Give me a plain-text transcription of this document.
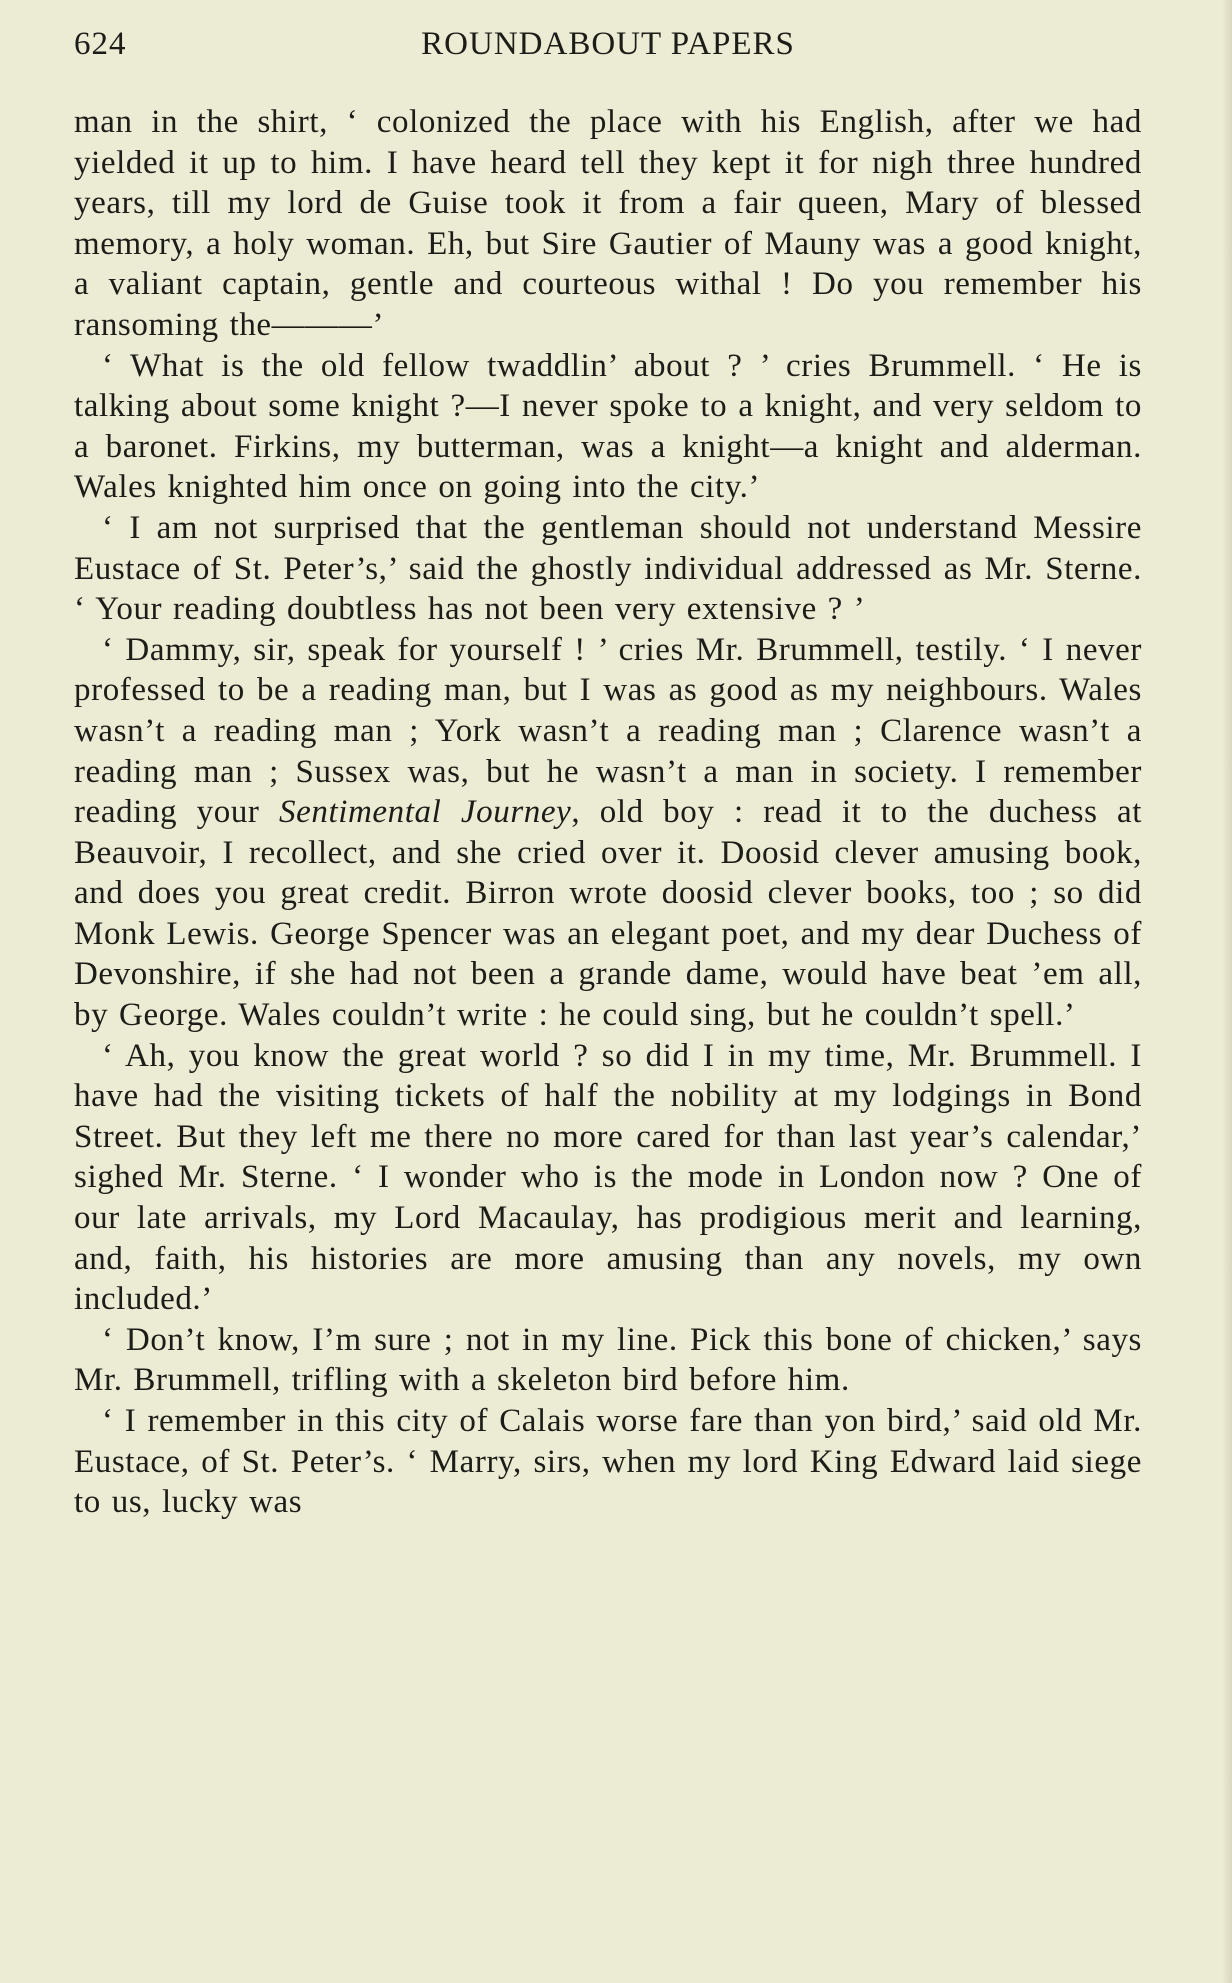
624	ROUNDABOUT PAPERS

man in the shirt, ‘ colonized the place with his English, after we had yielded it up to him. I have heard tell they kept it for nigh three hundred years, till my lord de Guise took it from a fair queen, Mary of blessed memory, a holy woman. Eh, but Sire Gautier of Mauny was a good knight, a valiant captain, gentle and courteous withal ! Do you remember his ransoming the———’

‘ What is the old fellow twaddlin’ about ? ’ cries Brummell. ‘ He is talking about some knight ?—I never spoke to a knight, and very seldom to a baronet. Firkins, my butterman, was a knight—a knight and alderman. Wales knighted him once on going into the city.’

‘ I am not surprised that the gentleman should not understand Messire Eustace of St. Peter’s,’ said the ghostly individual addressed as Mr. Sterne. ‘ Your reading doubtless has not been very extensive ? ’

‘ Dammy, sir, speak for yourself ! ’ cries Mr. Brummell, testily. ‘ I never professed to be a reading man, but I was as good as my neighbours. Wales wasn’t a reading man ; York wasn’t a reading man ; Clarence wasn’t a reading man ; Sussex was, but he wasn’t a man in society. I remember reading your Sentimental Journey, old boy : read it to the duchess at Beauvoir, I recollect, and she cried over it. Doosid clever amusing book, and does you great credit. Birron wrote doosid clever books, too ; so did Monk Lewis. George Spencer was an elegant poet, and my dear Duchess of Devonshire, if she had not been a grande dame, would have beat ’em all, by George. Wales couldn’t write : he could sing, but he couldn’t spell.’

‘ Ah, you know the great world ? so did I in my time, Mr. Brummell. I have had the visiting tickets of half the nobility at my lodgings in Bond Street. But they left me there no more cared for than last year’s calendar,’ sighed Mr. Sterne. ‘ I wonder who is the mode in London now ? One of our late arrivals, my Lord Macaulay, has prodigious merit and learning, and, faith, his histories are more amusing than any novels, my own included.’

‘ Don’t know, I’m sure ; not in my line. Pick this bone of chicken,’ says Mr. Brummell, trifling with a skeleton bird before him.

‘ I remember in this city of Calais worse fare than yon bird,’ said old Mr. Eustace, of St. Peter’s. ‘ Marry, sirs, when my lord King Edward laid siege to us, lucky was
